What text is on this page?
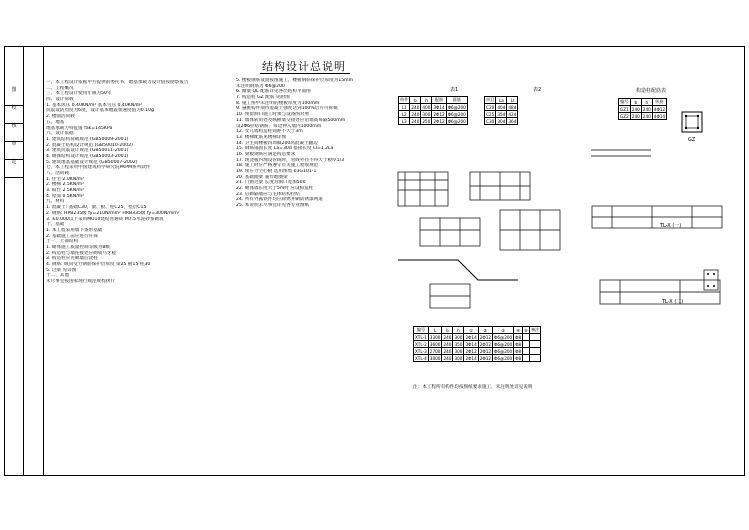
图
校
核
审
定
结构设计总说明
一、本工程设计依据甲方提供的委托书，地基承载力设计值按勘察报告
二、工程概况
三、本工程设计使用年限为50年
四、设计荷载
1. 基本风压 0.40KN/m² 基本雪压 0.40KN/m²
抗震设防烈度为6度，设计基本地震加速度值为0.10g
2. 楼面活荷载
五、地基
地基承载力特征值 fak=145KPa
六、设计依据
1. 建筑结构荷载规范 (GB50009-2001)
2. 混凝土结构设计规范 (GB50010-2002)
3. 建筑抗震设计规范 (GB50011-2001)
4. 砌体结构设计规范 (GB50003-2001)
5. 建筑地基基础设计规范 (GB50007-2002)
七、本工程采用中国建筑科学研究院PKPM系列软件
八、活荷载
1. 住宅 2.0KN/m²
2. 楼梯 2.5KN/m²
3. 阳台 2.5KN/m²
4. 屋面 0.5KN/m²
九、材料
1. 混凝土: 基础C30，梁、板、柱C25，垫层C15
2. 钢筋: HPB235级 fy=210N/mm² HRB335级 fy=300N/mm²
3. ±0.000以下采用MU10烧结普通砖 M7.5水泥砂浆砌筑
十、基础
1. 本工程采用墙下条形基础
2. 基础施工前应进行钎探
十一、上部结构
1. 砌体施工质量控制等级为B级
2. 构造柱与墙连接处应砌成马牙槎
3. 构造柱应先砌墙后浇柱
4. 钢筋: 纵向受力钢筋保护层厚度 梁25 板15 柱30
5. 过梁 见详图
十二、其他
未尽事宜按国家现行规范规程执行
5. 楼板钢筋设置按图施工，楼板钢筋保护层厚度为15mm
未注明钢筋为 Φ6@200
6. 圈梁 QL 配筋详见各层结构平面图
7. 构造柱 GZ 配筋 见附图
8. 施工图中未注明的楼板厚度为100mm
9. 悬挑构件须待混凝土强度达到100%后方可拆模
10. 预留洞口施工时须与设备图对照
11. 墙体转角处及纵横墙交接处应沿墙高每隔500mm
设2Φ6拉结钢筋，每边伸入墙内1000mm
12. 女儿墙构造柱间距不大于3m
13. 楼梯配筋见楼梯详图
14. 卫生间楼板四周做200高混凝土翻边
15. 钢筋锚固长度 La=30d 搭接长度 Ll=1.2La
16. 梁板钢筋应满足构造要求
17. 现浇板内埋设管线时，管线外径不得大于板厚1/3
18. 施工时应严格遵守有关施工验收规范
19. 预应力空心板 选用图集 03G101-1
20. 基础圈梁 兼作地圈梁
21. 门窗过梁 长度为洞口宽加500
22. 砌体墙长度大于5m时 应设构造柱
23. 后砌隔墙应与主体结构拉结
24. 所有外露铁件均应除锈并刷防锈漆两道
25. 本说明未尽事宜详见各专业图纸
构件	b	h	配筋	箍筋
L1	240	400	3Φ14	Φ6@200
L2	240	300	2Φ12	Φ6@200
L3	240	250	2Φ12	Φ6@200
表1
项目	La	Ll
C20	40d	48d
C25	35d	42d
C30	30d	36d
表2
编号	b	h	纵筋
GZ1	240	240	4Φ12
GZ2	240	240	4Φ14
构造柱配筋表
GZ
编号	L	b	h	①	②	③	④	⑤	备注
XTL-1	3300	240	300	2Φ14	2Φ12	Φ6@200	Φ8		
XTL-2	3600	240	350	3Φ14	2Φ12	Φ6@200	Φ8		
XTL-3	2700	240	300	2Φ12	2Φ12	Φ6@200	Φ8		
XTL-4	3000	240	300	2Φ14	2Φ12	Φ6@200	Φ8		
TL-X (一)
TL-X (二)
注：本工程所有构件均按图纸要求施工，未注明处详见说明
